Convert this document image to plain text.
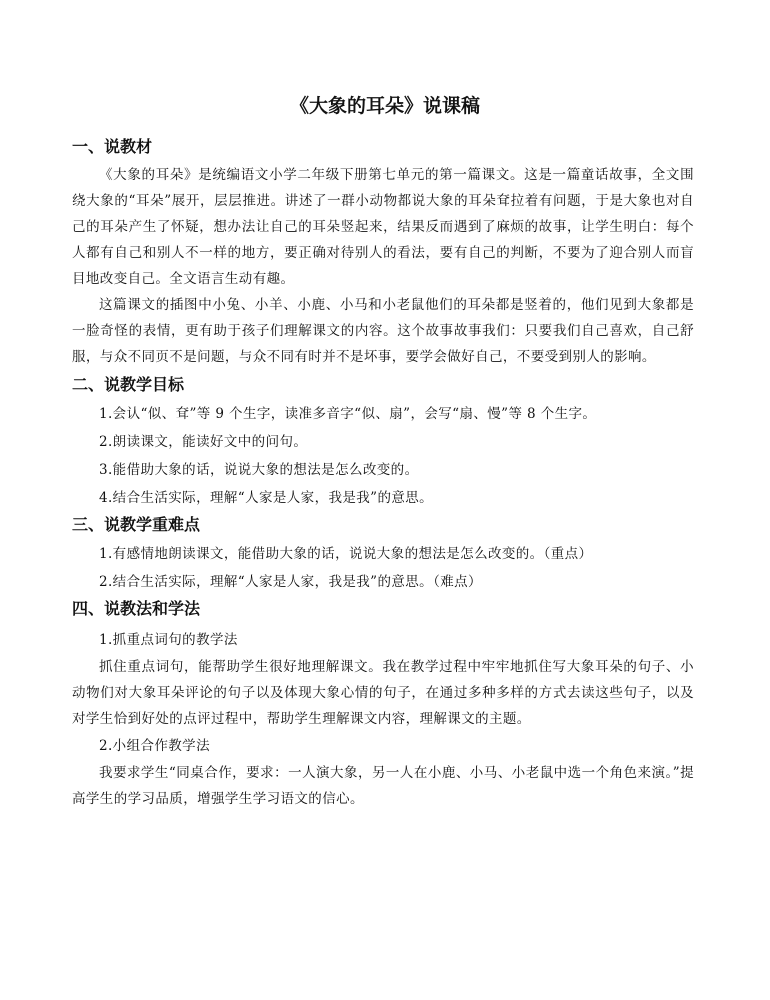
《大象的耳朵》说课稿
一、说教材

《大象的耳朵》是统编语文小学二年级下册第七单元的第一篇课文。这是一篇童话故事，全文围绕大象的“耳朵”展开，层层推进。讲述了一群小动物都说大象的耳朵耷拉着有问题，于是大象也对自己的耳朵产生了怀疑，想办法让自己的耳朵竖起来，结果反而遇到了麻烦的故事，让学生明白：每个人都有自己和别人不一样的地方，要正确对待别人的看法，要有自己的判断，不要为了迎合别人而盲目地改变自己。全文语言生动有趣。

这篇课文的插图中小兔、小羊、小鹿、小马和小老鼠他们的耳朵都是竖着的，他们见到大象都是一脸奇怪的表情，更有助于孩子们理解课文的内容。这个故事故事我们：只要我们自己喜欢，自己舒服，与众不同页不是问题，与众不同有时并不是坏事，要学会做好自己，不要受到别人的影响。

二、说教学目标

1.会认“似、耷”等 9 个生字，读准多音字“似、扇”，会写“扇、慢”等 8 个生字。

2.朗读课文，能读好文中的问句。

3.能借助大象的话，说说大象的想法是怎么改变的。

4.结合生活实际，理解“人家是人家，我是我”的意思。

三、说教学重难点

1.有感情地朗读课文，能借助大象的话，说说大象的想法是怎么改变的。（重点）

2.结合生活实际，理解“人家是人家，我是我”的意思。（难点）

四、说教法和学法

1.抓重点词句的教学法

抓住重点词句，能帮助学生很好地理解课文。我在教学过程中牢牢地抓住写大象耳朵的句子、小动物们对大象耳朵评论的句子以及体现大象心情的句子，在通过多种多样的方式去读这些句子，以及对学生恰到好处的点评过程中，帮助学生理解课文内容，理解课文的主题。

2.小组合作教学法

我要求学生“同桌合作，要求：一人演大象，另一人在小鹿、小马、小老鼠中选一个角色来演。”提高学生的学习品质，增强学生学习语文的信心。
